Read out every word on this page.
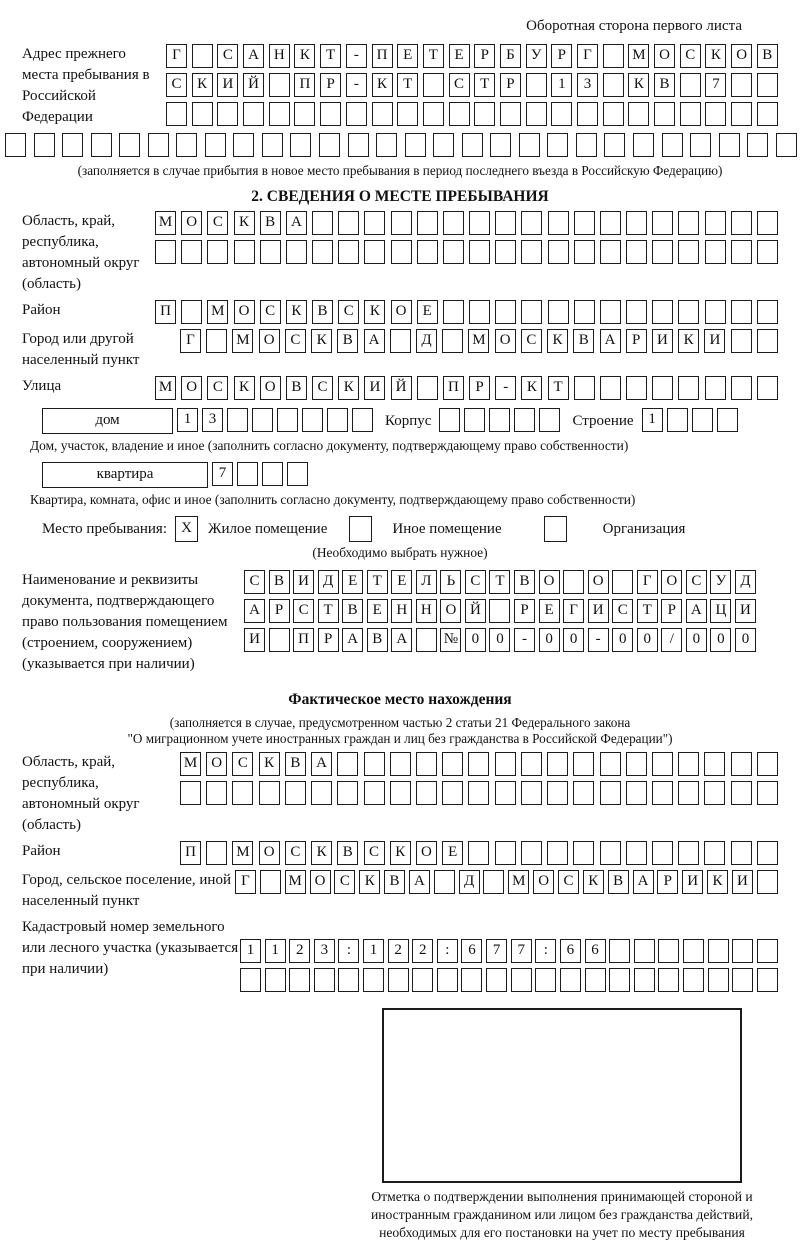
Оборотная сторона первого листа
Адрес прежнего места пребывания в Российской Федерации
Г	С	А Н	К	Т	-	П	Е	Т	Е	Р	Б	У	Р	Г	М О	С	К	О	В
С	К	И Й	П	Р	-	К	Т	С	Т	Р	1	3	К	В	7
(заполняется в случае прибытия в новое место пребывания в период последнего въезда в Российскую Федерацию)
2. СВЕДЕНИЯ О МЕСТЕ ПРЕБЫВАНИЯ
Область, край, республика, автономный округ (область)
М О	С	К	В	А
Район	П	М О	С	К	В	С	К	О	Е
Город или другой населенный пункт
Г	М О	С	К	В	А	Д	М О	С	К	В	А	Р	И	К	И
Улица	М О	С	К	О	В	С	К	И	Й	П	Р	-	К	Т
дом	1	3	Корпус	Строение 1
Дом, участок, владение и иное (заполнить согласно документу, подтверждающему право собственности)
квартира	7
Квартира, комната, офис и иное (заполнить согласно документу, подтверждающему право собственности)
Место пребывания: X	Жилое помещение	Иное помещение	Организация
(Необходимо выбрать нужное)
Наименование и реквизиты документа, подтверждающего право пользования помещением (строением, сооружением) (указывается при наличии)
С В И Д Е	Т	Е Л	Ь	С Т В О	О	Г О С У Д
А Р	С Т В Е Н Н О Й	Р	Е	Г И С Т	Р А Ц И
И	П Р А В А	№ 0	0	-	0	0	-	0	0	/	0	0	0
Фактическое место нахождения
(заполняется в случае, предусмотренном частью 2 статьи 21 Федерального закона
"О миграционном учете иностранных граждан и лиц без гражданства в Российской Федерации")
Область, край, республика, автономный округ (область)
М О	С	К	В	А
Район	П	М О	С	К	В	С	К	О	Е
Город, сельское поселение, иной населенный пункт
Г	М О С К В А	Д	М О С К В А	Р	И К И
Кадастровый номер земельного или лесного участка (указывается при наличии)
1	1	2	3	:	1	2	2	:	6	7	7	:	6	6
Отметка о подтверждении выполнения принимающей стороной и иностранным гражданином или лицом без гражданства действий, необходимых для его постановки на учет по месту пребывания
